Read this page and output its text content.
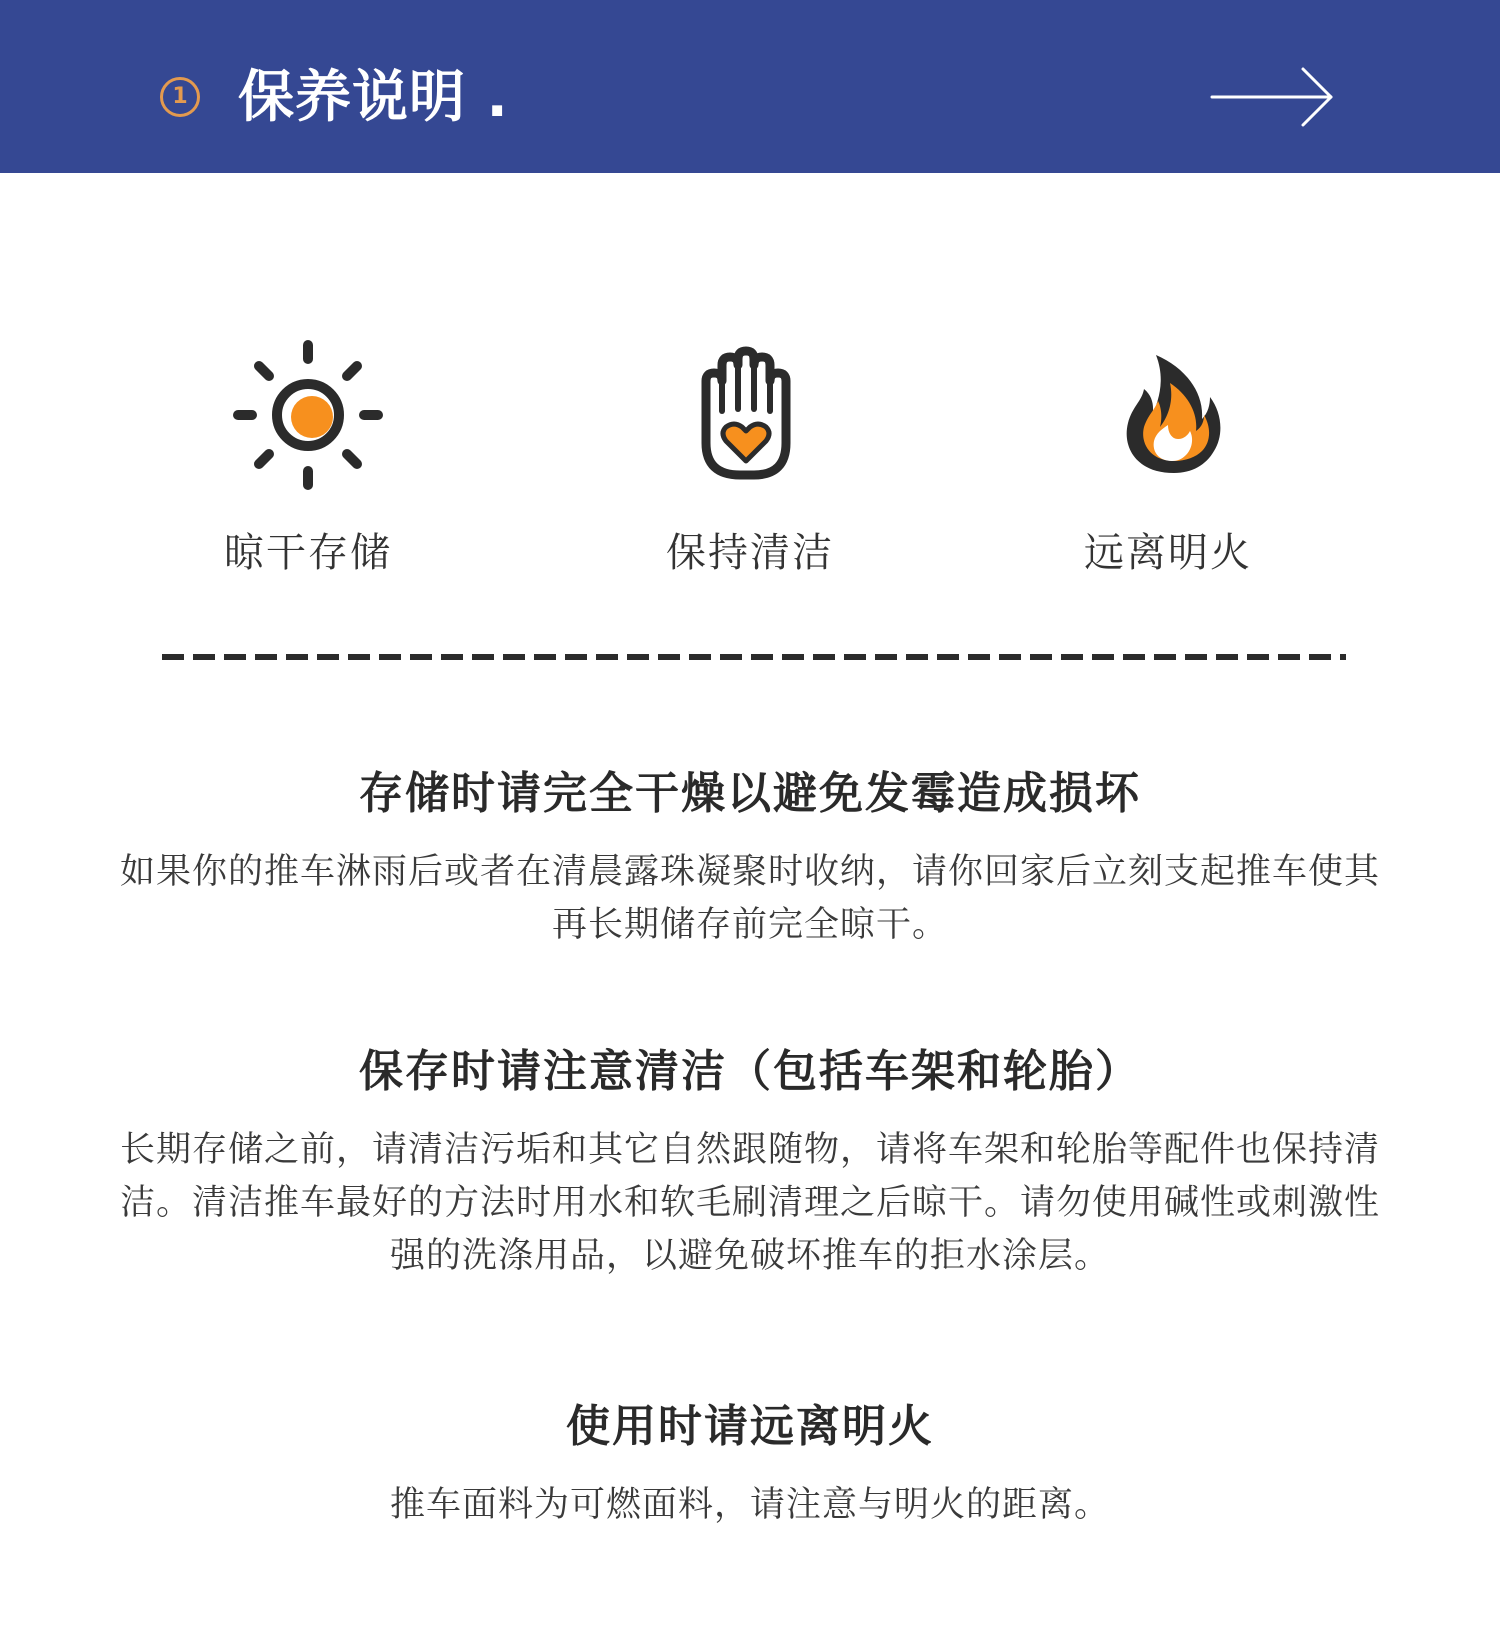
1 保养说明 .
晾干存储	保持清洁	远离明火
存储时请完全干燥以避免发霉造成损坏

如果你的推车淋雨后或者在清晨露珠凝聚时收纳，请你回家后立刻支起推车使其再长期储存前完全晾干。

保存时请注意清洁（包括车架和轮胎）

长期存储之前，请清洁污垢和其它自然跟随物，请将车架和轮胎等配件也保持清洁。清洁推车最好的方法时用水和软毛刷清理之后晾干。请勿使用碱性或刺激性强的洗涤用品，以避免破坏推车的拒水涂层。

使用时请远离明火

推车面料为可燃面料，请注意与明火的距离。
